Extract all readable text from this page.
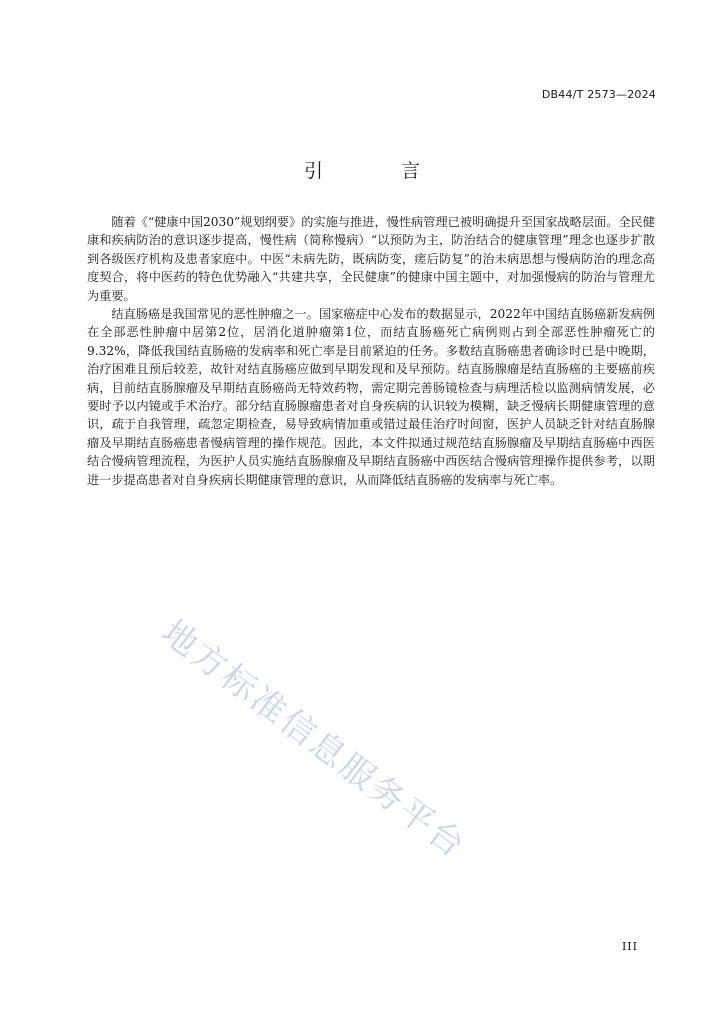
DB44/T 2573—2024
引 言

随着《“健康中国2030”规划纲要》的实施与推进，慢性病管理已被明确提升至国家战略层面。全民健康和疾病防治的意识逐步提高，慢性病（简称慢病）“以预防为主，防治结合的健康管理”理念也逐步扩散到各级医疗机构及患者家庭中。中医“未病先防，既病防变，瘥后防复”的治未病思想与慢病防治的理念高度契合，将中医药的特色优势融入“共建共享，全民健康”的健康中国主题中，对加强慢病的防治与管理尤为重要。

结直肠癌是我国常见的恶性肿瘤之一。国家癌症中心发布的数据显示，2022年中国结直肠癌新发病例在全部恶性肿瘤中居第2位，居消化道肿瘤第1位，而结直肠癌死亡病例则占到全部恶性肿瘤死亡的9.32%，降低我国结直肠癌的发病率和死亡率是目前紧迫的任务。多数结直肠癌患者确诊时已是中晚期，治疗困难且预后较差，故针对结直肠癌应做到早期发现和及早预防。结直肠腺瘤是结直肠癌的主要癌前疾病，目前结直肠腺瘤及早期结直肠癌尚无特效药物，需定期完善肠镜检查与病理活检以监测病情发展，必要时予以内镜或手术治疗。部分结直肠腺瘤患者对自身疾病的认识较为模糊，缺乏慢病长期健康管理的意识，疏于自我管理，疏忽定期检查，易导致病情加重或错过最佳治疗时间窗，医护人员缺乏针对结直肠腺瘤及早期结直肠癌患者慢病管理的操作规范。因此，本文件拟通过规范结直肠腺瘤及早期结直肠癌中西医结合慢病管理流程，为医护人员实施结直肠腺瘤及早期结直肠癌中西医结合慢病管理操作提供参考，以期进一步提高患者对自身疾病长期健康管理的意识，从而降低结直肠癌的发病率与死亡率。

地方标准信息服务平台
III
